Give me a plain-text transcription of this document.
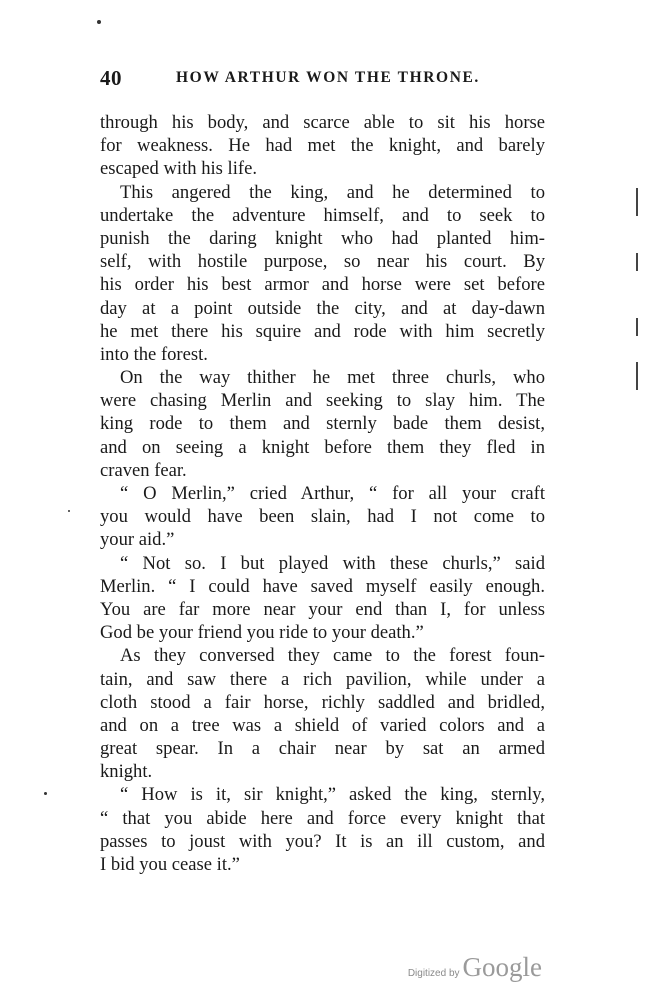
40	HOW ARTHUR WON THE THRONE.
through his body, and scarce able to sit his horse
for weakness. He had met the knight, and barely
escaped with his life.
This angered the king, and he determined to
undertake the adventure himself, and to seek to
punish the daring knight who had planted him-
self, with hostile purpose, so near his court. By
his order his best armor and horse were set before
day at a point outside the city, and at day-dawn
he met there his squire and rode with him secretly
into the forest.
On the way thither he met three churls, who
were chasing Merlin and seeking to slay him. The
king rode to them and sternly bade them desist,
and on seeing a knight before them they fled in
craven fear.
“ O Merlin,” cried Arthur, “ for all your craft
you would have been slain, had I not come to
your aid.”
“ Not so. I but played with these churls,” said
Merlin. “ I could have saved myself easily enough.
You are far more near your end than I, for unless
God be your friend you ride to your death.”
As they conversed they came to the forest foun-
tain, and saw there a rich pavilion, while under a
cloth stood a fair horse, richly saddled and bridled,
and on a tree was a shield of varied colors and a
great spear. In a chair near by sat an armed
knight.
“ How is it, sir knight,” asked the king, sternly,
“ that you abide here and force every knight that
passes to joust with you? It is an ill custom, and
I bid you cease it.”
Digitized by Google
